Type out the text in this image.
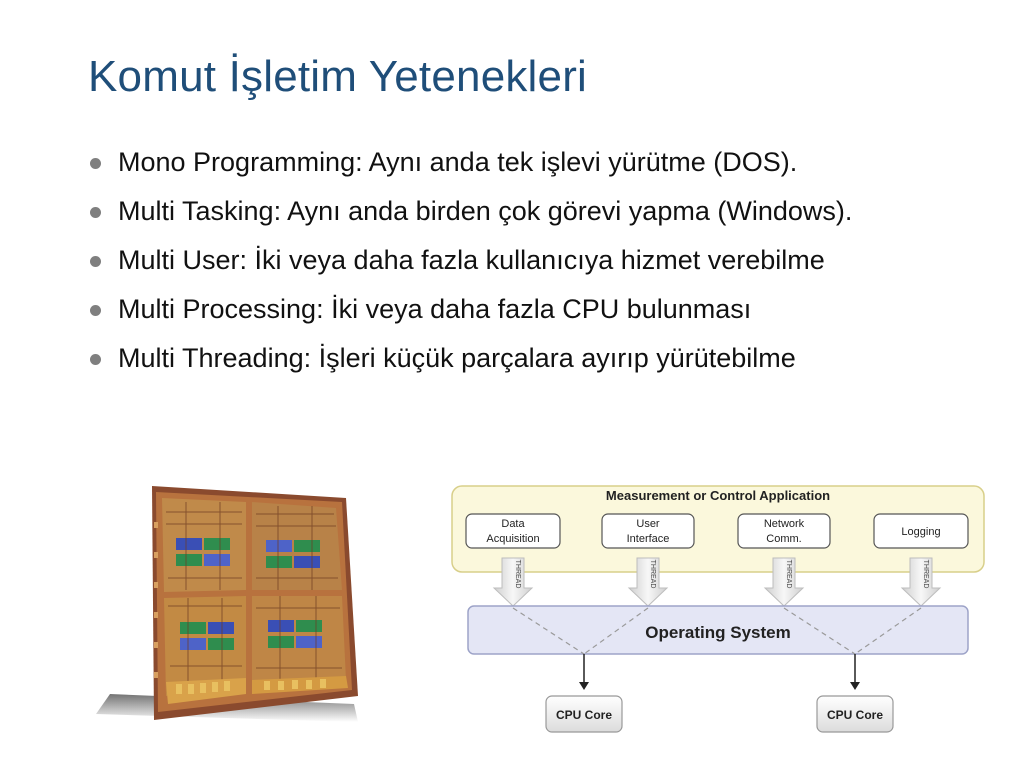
Komut İşletim Yetenekleri
Mono Programming: Aynı anda tek işlevi yürütme (DOS).
Multi Tasking: Aynı anda birden çok görevi yapma (Windows).
Multi User: İki veya daha fazla kullanıcıya hizmet verebilme
Multi Processing: İki veya daha fazla CPU bulunması
Multi Threading: İşleri küçük parçalara ayırıp yürütebilme
Measurement or Control Application
Data
Acquisition
User
Interface
Network
Comm.
Logging
THREAD	THREAD	THREAD	THREAD
Operating System
CPU Core	CPU Core
